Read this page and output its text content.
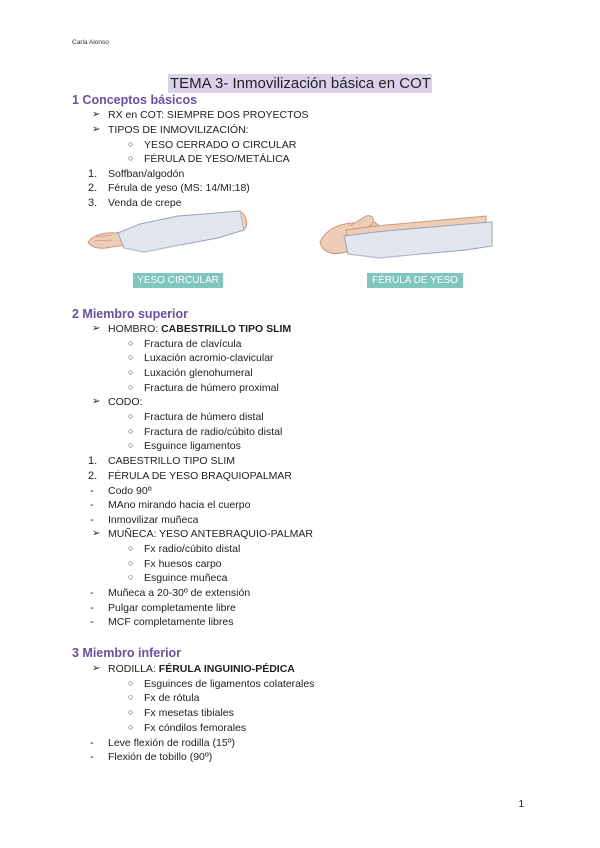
Carla Alonso
TEMA 3- Inmovilización básica en COT
1 Conceptos básicos
➢ RX en COT: SIEMPRE DOS PROYECTOS
➢ TIPOS DE INMOVILIZACIÓN:
○ YESO CERRADO O CIRCULAR
○ FÉRULA DE YESO/METÁLICA
1. Soffban/algodón
2. Férula de yeso (MS: 14/MI:18)
3. Venda de crepe
YESO CIRCULAR	FÉRULA DE YESO
2 Miembro superior
➢ HOMBRO: CABESTRILLO TIPO SLIM
○ Fractura de clavícula
○ Luxación acromio-clavicular
○ Luxación glenohumeral
○ Fractura de húmero proximal
➢ CODO:
○ Fractura de húmero distal
○ Fractura de radio/cúbito distal
○ Esguince ligamentos
1. CABESTRILLO TIPO SLIM
2. FÉRULA DE YESO BRAQUIOPALMAR
- Codo 90º
- MAno mirando hacia el cuerpo
- Inmovilizar muñeca
➢ MUÑECA: YESO ANTEBRAQUIO-PALMAR
○ Fx radio/cúbito distal
○ Fx huesos carpo
○ Esguince muñeca
- Muñeca a 20-30º de extensión
- Pulgar completamente libre
- MCF completamente libres
3 Miembro inferior
➢ RODILLA: FÉRULA INGUINIO-PÉDICA
○ Esguinces de ligamentos colaterales
○ Fx de rótula
○ Fx mesetas tibiales
○ Fx cóndilos femorales
- Leve flexión de rodilla (15º)
- Flexión de tobillo (90º)
1
